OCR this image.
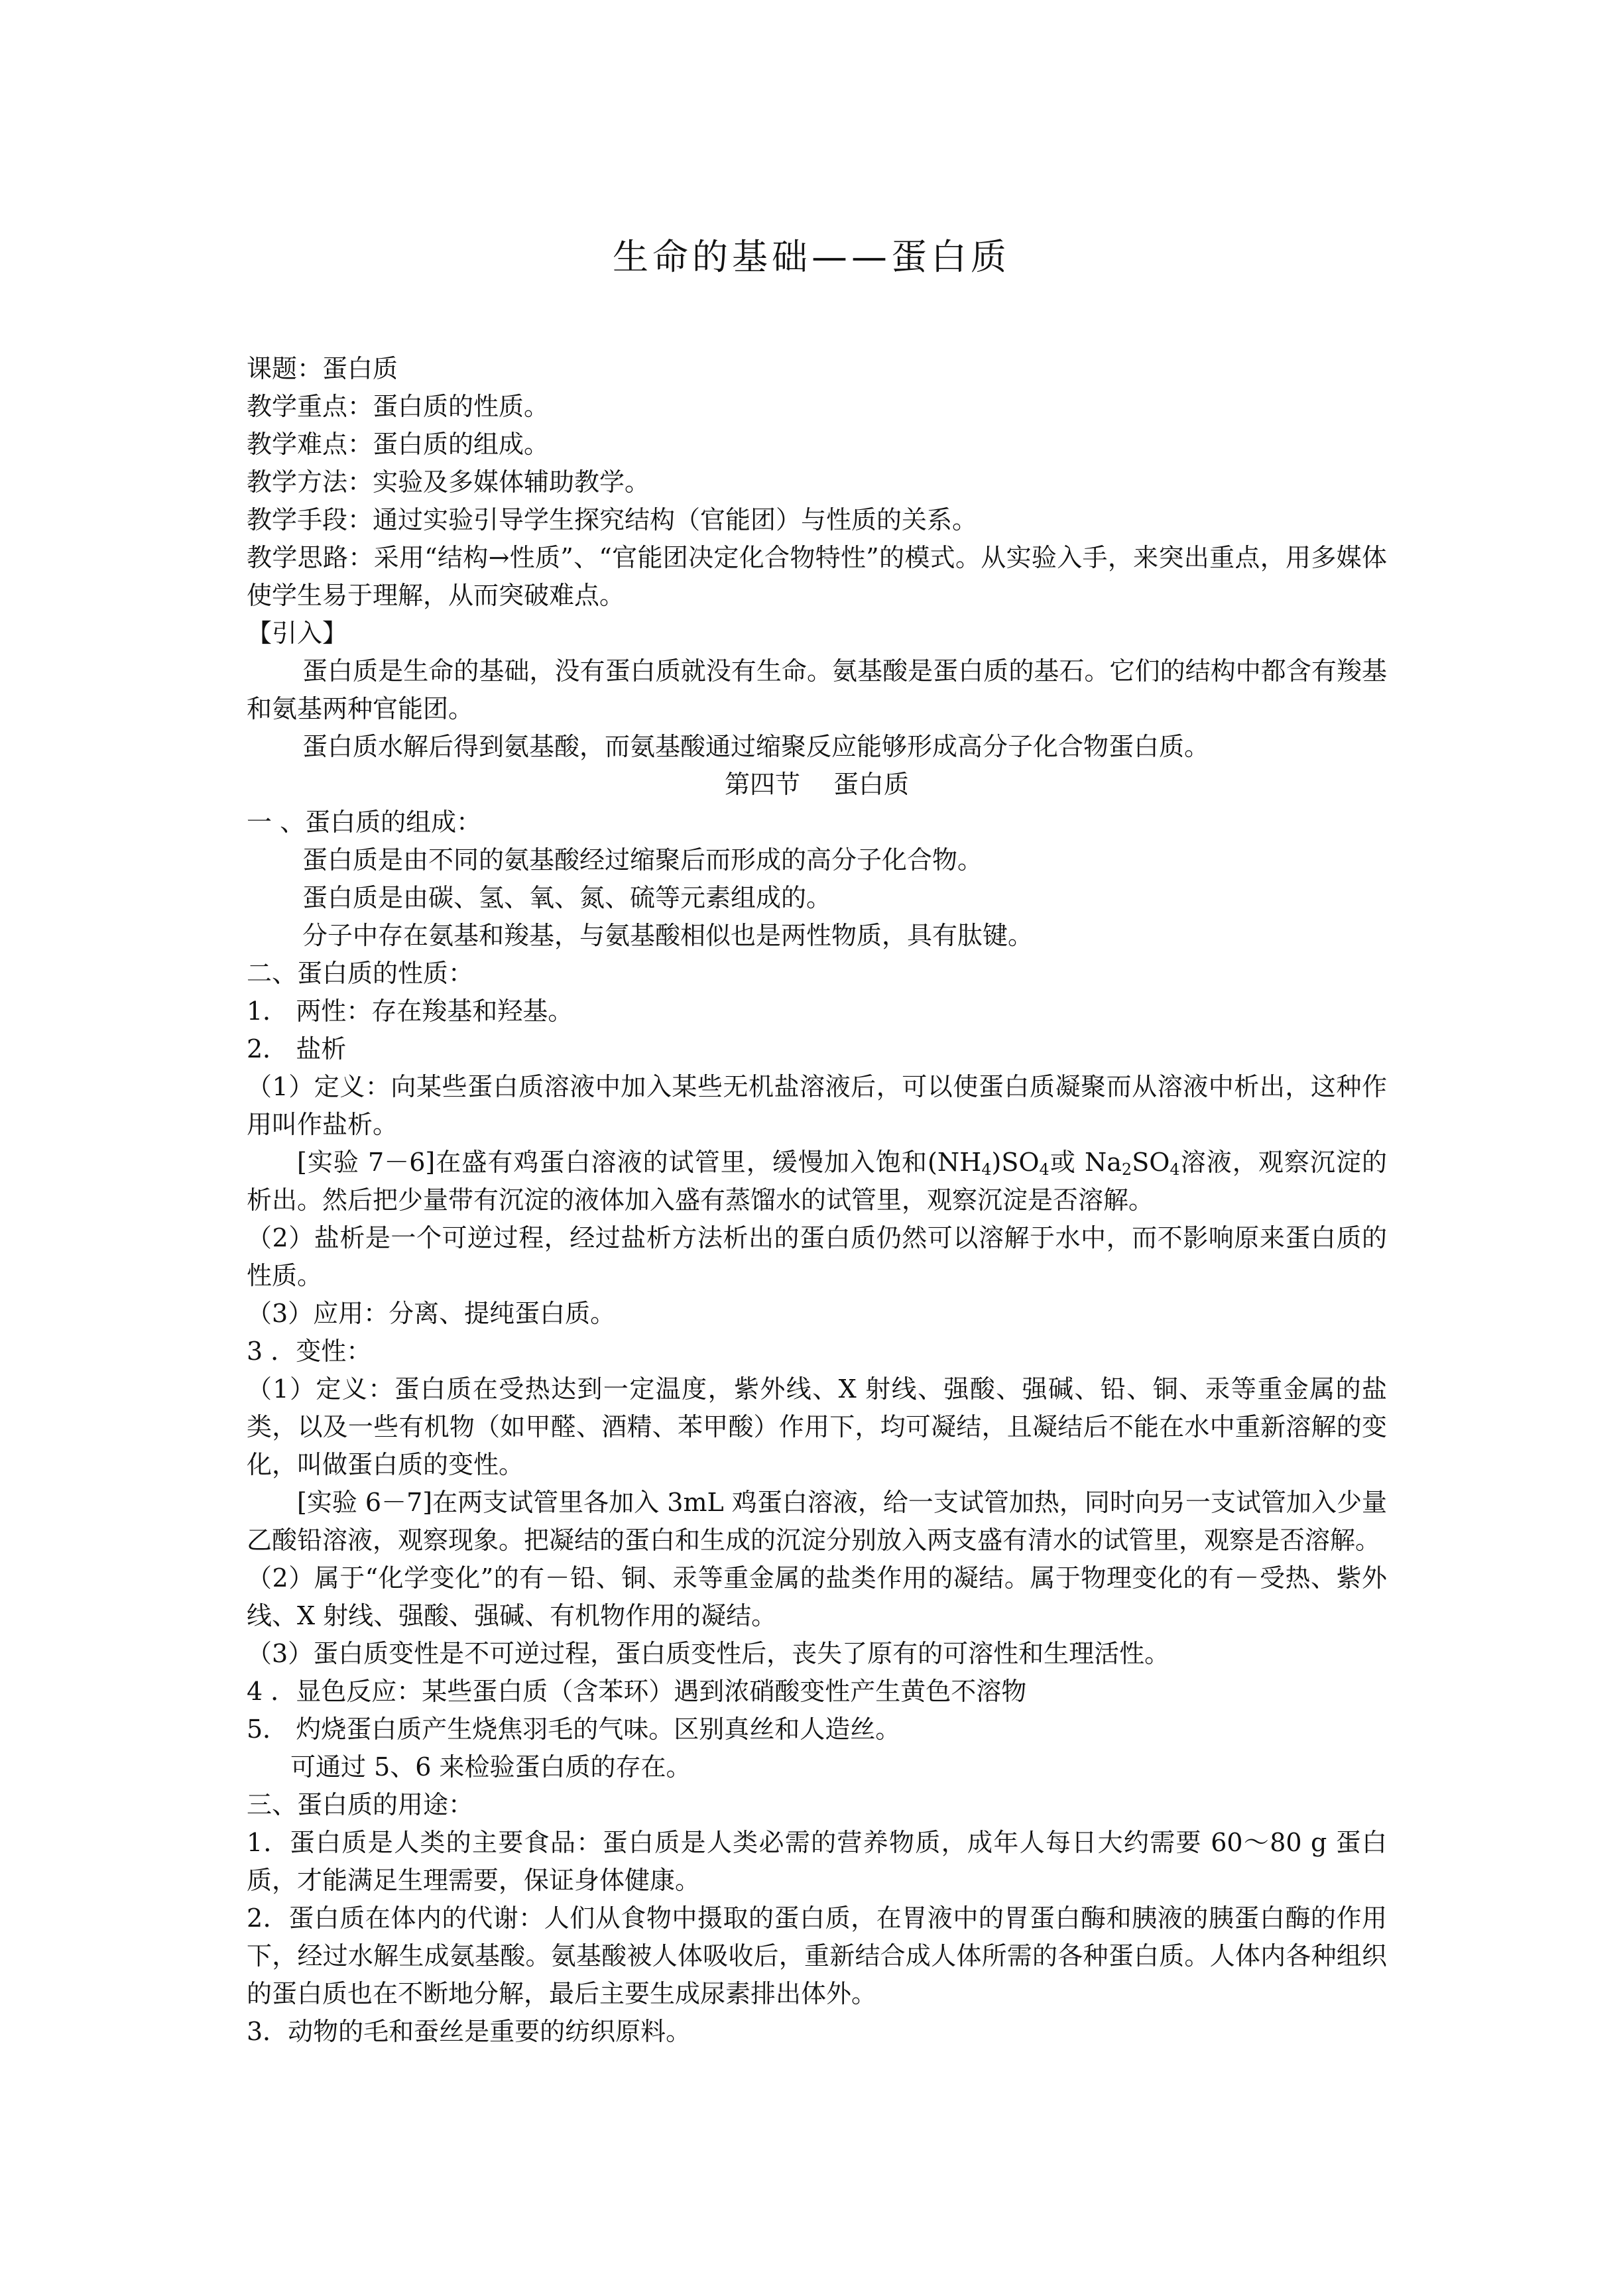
生命的基础——蛋白质

课题：蛋白质

教学重点：蛋白质的性质。

教学难点：蛋白质的组成。

教学方法：实验及多媒体辅助教学。

教学手段：通过实验引导学生探究结构（官能团）与性质的关系。

教学思路：采用“结构→性质”、“官能团决定化合物特性”的模式。从实验入手，来突出重点，用多媒体使学生易于理解，从而突破难点。

【引入】

蛋白质是生命的基础，没有蛋白质就没有生命。氨基酸是蛋白质的基石。它们的结构中都含有羧基和氨基两种官能团。

蛋白质水解后得到氨基酸，而氨基酸通过缩聚反应能够形成高分子化合物蛋白质。

第四节　 蛋白质

一 、蛋白质的组成：

蛋白质是由不同的氨基酸经过缩聚后而形成的高分子化合物。

蛋白质是由碳、氢、氧、氮、硫等元素组成的。

分子中存在氨基和羧基，与氨基酸相似也是两性物质，具有肽键。

二、蛋白质的性质：

1． 两性：存在羧基和羟基。

2． 盐析

（1）定义：向某些蛋白质溶液中加入某些无机盐溶液后，可以使蛋白质凝聚而从溶液中析出，这种作用叫作盐析。

[实验 7－6]在盛有鸡蛋白溶液的试管里，缓慢加入饱和$(NH_4)SO_4$或 $Na_2SO_4$溶液，观察沉淀的析出。然后把少量带有沉淀的液体加入盛有蒸馏水的试管里，观察沉淀是否溶解。

（2）盐析是一个可逆过程，经过盐析方法析出的蛋白质仍然可以溶解于水中，而不影响原来蛋白质的性质。

（3）应用：分离、提纯蛋白质。

3 ．变性：

（1）定义：蛋白质在受热达到一定温度，紫外线、X 射线、强酸、强碱、铅、铜、汞等重金属的盐类，以及一些有机物（如甲醛、酒精、苯甲酸）作用下，均可凝结，且凝结后不能在水中重新溶解的变化，叫做蛋白质的变性。

[实验 6－7]在两支试管里各加入 3mL 鸡蛋白溶液，给一支试管加热，同时向另一支试管加入少量乙酸铅溶液，观察现象。把凝结的蛋白和生成的沉淀分别放入两支盛有清水的试管里，观察是否溶解。

（2）属于“化学变化”的有－铅、铜、汞等重金属的盐类作用的凝结。属于物理变化的有－受热、紫外线、X 射线、强酸、强碱、有机物作用的凝结。

（3）蛋白质变性是不可逆过程，蛋白质变性后，丧失了原有的可溶性和生理活性。

4 ．显色反应：某些蛋白质（含苯环）遇到浓硝酸变性产生黄色不溶物

5． 灼烧蛋白质产生烧焦羽毛的气味。区别真丝和人造丝。

可通过 5、6 来检验蛋白质的存在。

三、蛋白质的用途：

1．蛋白质是人类的主要食品：蛋白质是人类必需的营养物质，成年人每日大约需要 60～80 g 蛋白质，才能满足生理需要，保证身体健康。

2．蛋白质在体内的代谢：人们从食物中摄取的蛋白质，在胃液中的胃蛋白酶和胰液的胰蛋白酶的作用下，经过水解生成氨基酸。氨基酸被人体吸收后，重新结合成人体所需的各种蛋白质。人体内各种组织的蛋白质也在不断地分解，最后主要生成尿素排出体外。

3．动物的毛和蚕丝是重要的纺织原料。
